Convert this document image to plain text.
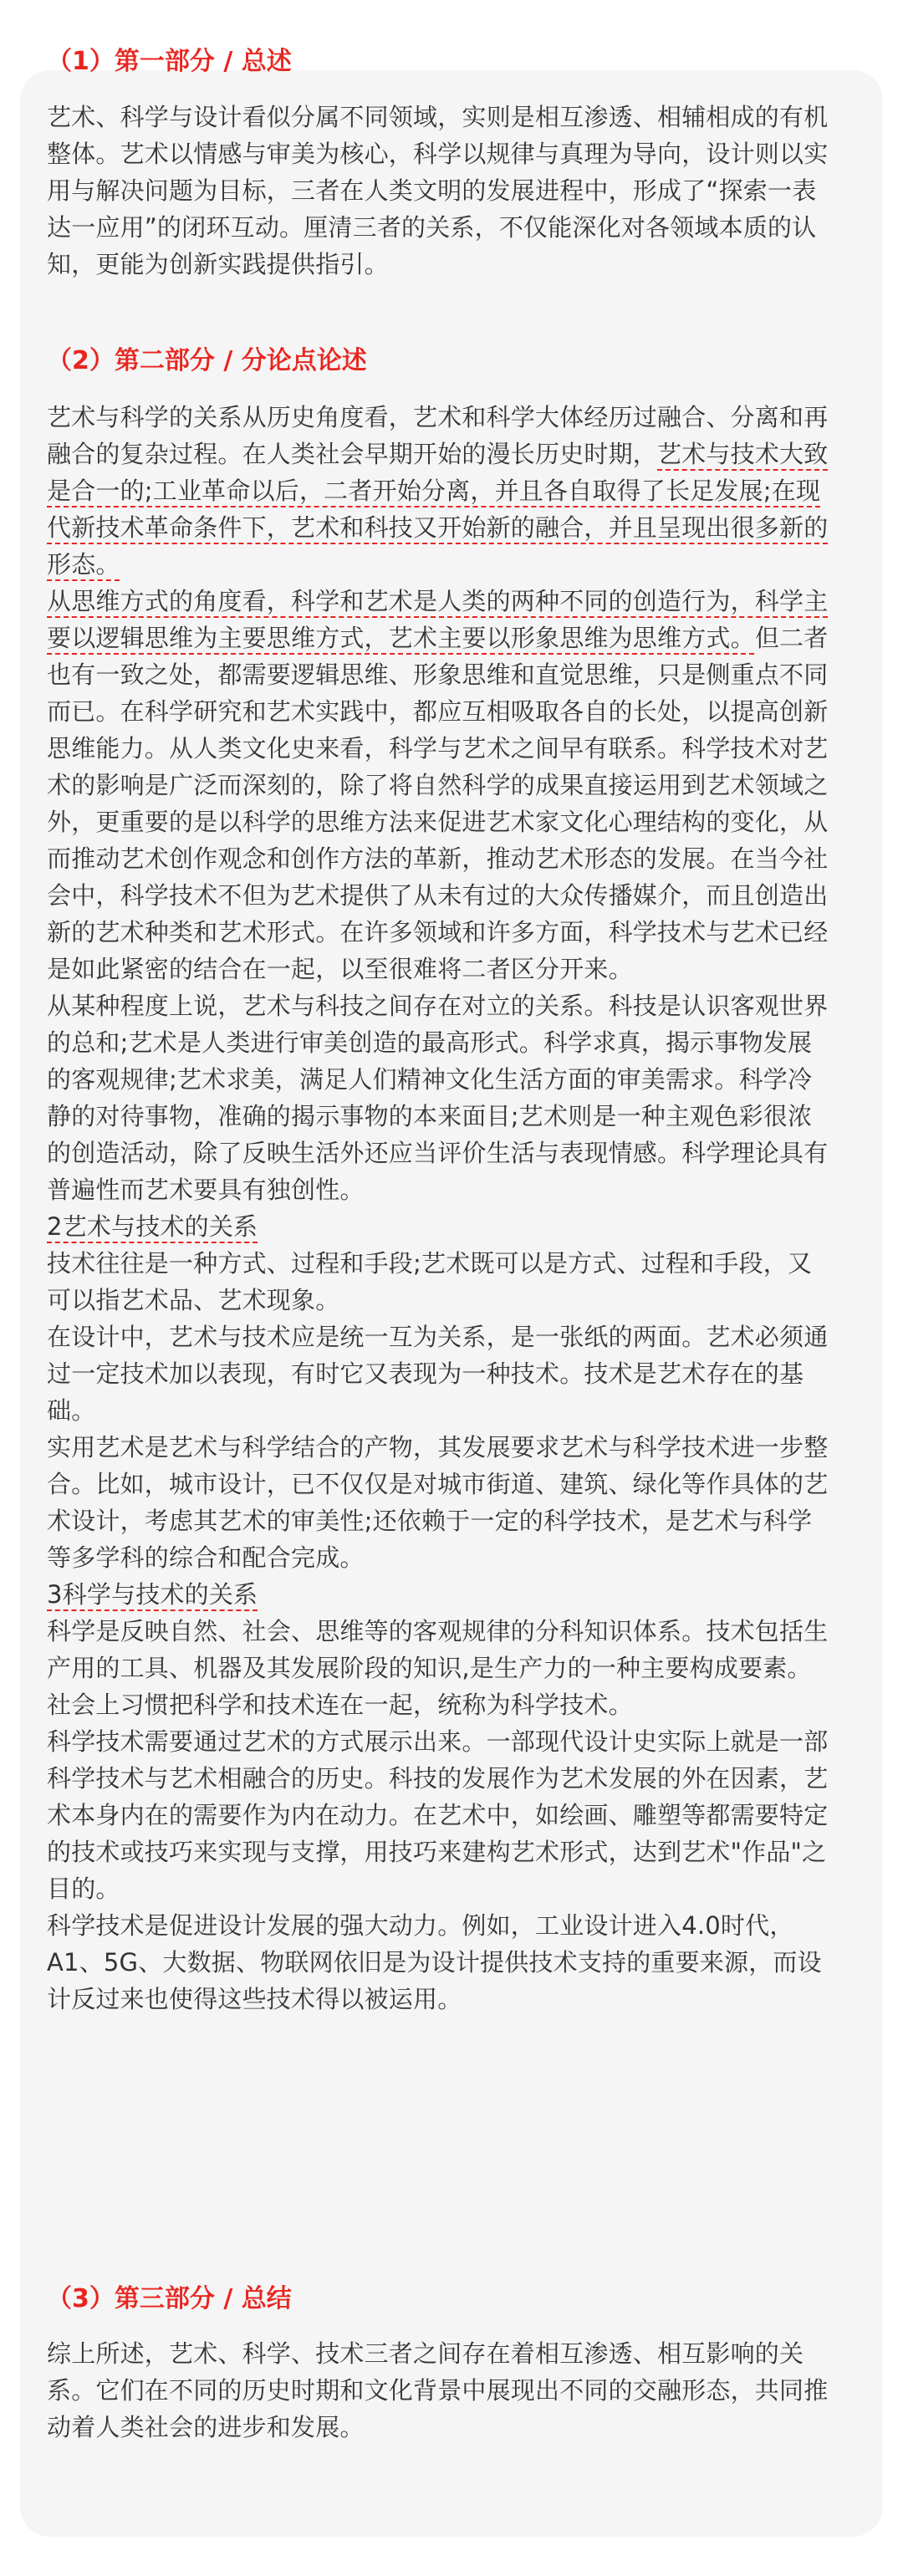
（1）第一部分 / 总述
艺术、科学与设计看似分属不同领域，实则是相互渗透、相辅相成的有机
整体。艺术以情感与审美为核心，科学以规律与真理为导向，设计则以实
用与解决问题为目标，三者在人类文明的发展进程中，形成了“探索一表
达一应用”的闭环互动。厘清三者的关系，不仅能深化对各领域本质的认
知，更能为创新实践提供指引。
（2）第二部分 / 分论点论述
艺术与科学的关系从历史角度看，艺术和科学大体经历过融合、分离和再
融合的复杂过程。在人类社会早期开始的漫长历史时期，艺术与技术大致
是合一的;工业革命以后，二者开始分离，并且各自取得了长足发展;在现
代新技术革命条件下，艺术和科技又开始新的融合，并且呈现出很多新的
形态。
从思维方式的角度看，科学和艺术是人类的两种不同的创造行为，科学主
要以逻辑思维为主要思维方式，艺术主要以形象思维为思维方式。但二者
也有一致之处，都需要逻辑思维、形象思维和直觉思维，只是侧重点不同
而已。在科学研究和艺术实践中，都应互相吸取各自的长处，以提高创新
思维能力。从人类文化史来看，科学与艺术之间早有联系。科学技术对艺
术的影响是广泛而深刻的，除了将自然科学的成果直接运用到艺术领域之
外，更重要的是以科学的思维方法来促进艺术家文化心理结构的变化，从
而推动艺术创作观念和创作方法的革新，推动艺术形态的发展。在当今社
会中，科学技术不但为艺术提供了从未有过的大众传播媒介，而且创造出
新的艺术种类和艺术形式。在许多领域和许多方面，科学技术与艺术已经
是如此紧密的结合在一起，以至很难将二者区分开来。
从某种程度上说，艺术与科技之间存在对立的关系。科技是认识客观世界
的总和;艺术是人类进行审美创造的最高形式。科学求真，揭示事物发展
的客观规律;艺术求美，满足人们精神文化生活方面的审美需求。科学冷
静的对待事物，准确的揭示事物的本来面目;艺术则是一种主观色彩很浓
的创造活动，除了反映生活外还应当评价生活与表现情感。科学理论具有
普遍性而艺术要具有独创性。
2艺术与技术的关系
技术往往是一种方式、过程和手段;艺术既可以是方式、过程和手段，又
可以指艺术品、艺术现象。
在设计中，艺术与技术应是统一互为关系，是一张纸的两面。艺术必须通
过一定技术加以表现，有时它又表现为一种技术。技术是艺术存在的基
础。
实用艺术是艺术与科学结合的产物，其发展要求艺术与科学技术进一步整
合。比如，城市设计，已不仅仅是对城市街道、建筑、绿化等作具体的艺
术设计，考虑其艺术的审美性;还依赖于一定的科学技术，是艺术与科学
等多学科的综合和配合完成。
3科学与技术的关系
科学是反映自然、社会、思维等的客观规律的分科知识体系。技术包括生
产用的工具、机器及其发展阶段的知识,是生产力的一种主要构成要素。
社会上习惯把科学和技术连在一起，统称为科学技术。
科学技术需要通过艺术的方式展示出来。一部现代设计史实际上就是一部
科学技术与艺术相融合的历史。科技的发展作为艺术发展的外在因素，艺
术本身内在的需要作为内在动力。在艺术中，如绘画、雕塑等都需要特定
的技术或技巧来实现与支撑，用技巧来建构艺术形式，达到艺术"作品"之
目的。
科学技术是促进设计发展的强大动力。例如，工业设计进入4.0时代，
A1、5G、大数据、物联网依旧是为设计提供技术支持的重要来源，而设
计反过来也使得这些技术得以被运用。
（3）第三部分 / 总结
综上所述，艺术、科学、技术三者之间存在着相互渗透、相互影响的关
系。它们在不同的历史时期和文化背景中展现出不同的交融形态，共同推
动着人类社会的进步和发展。
